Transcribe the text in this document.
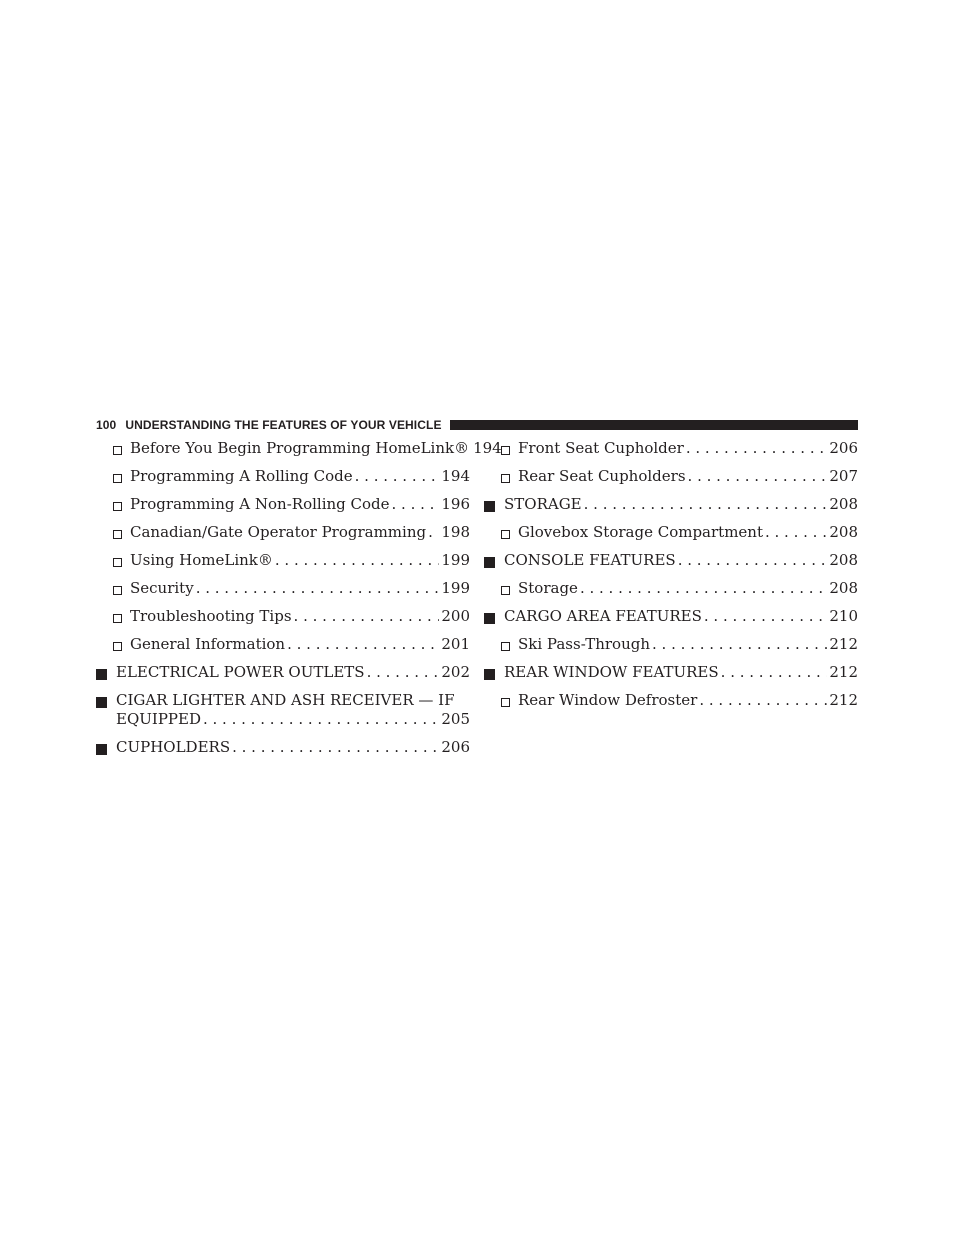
100 UNDERSTANDING THE FEATURES OF YOUR VEHICLE
Before You Begin Programming HomeLink® 194
Programming A Rolling Code . . .	194
Programming A Non-Rolling Code . . .	196
Canadian/Gate Operator Programming . . . 198
Using HomeLink® . . .	199
Security . . .	199
Troubleshooting Tips . . .	200
General Information . . .	201
ELECTRICAL POWER OUTLETS . . .	202
CIGAR LIGHTER AND ASH RECEIVER — IF
EQUIPPED . . .	205
CUPHOLDERS . . .	206
Front Seat Cupholder . . .	206
Rear Seat Cupholders . . .	207
STORAGE . . .	208
Glovebox Storage Compartment . . .	208
CONSOLE FEATURES . . .	208
Storage . . .	208
CARGO AREA FEATURES . . .	210
Ski Pass-Through . . .	212
REAR WINDOW FEATURES . . .	212
Rear Window Defroster . . .	212
